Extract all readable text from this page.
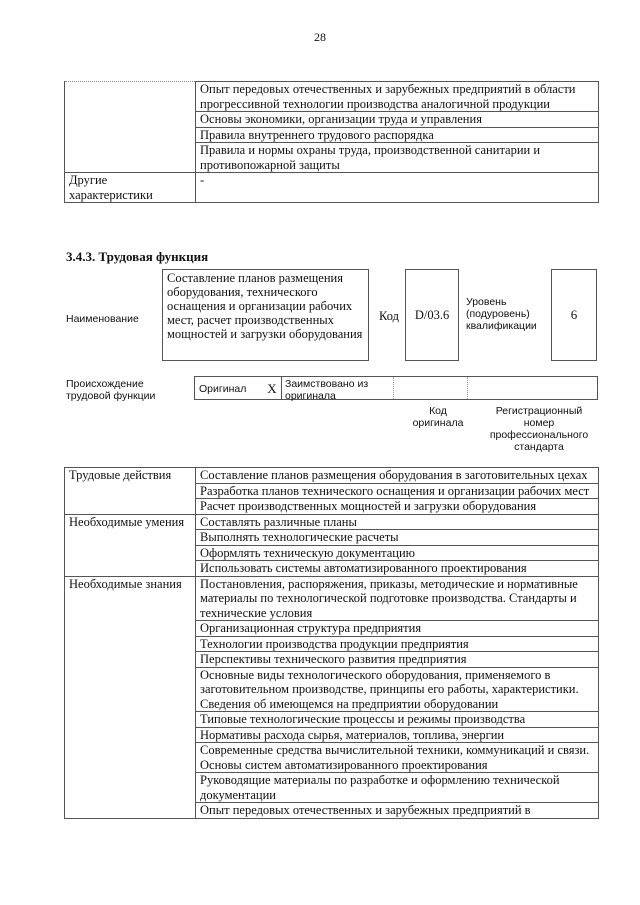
28
	Опыт передовых отечественных и зарубежных предприятий в области прогрессивной технологии производства аналогичной продукции
	Основы экономики, организации труда и управления
	Правила внутреннего трудового распорядка
	Правила и нормы охраны труда, производственной санитарии и противопожарной защиты
Другие характеристики	-
3.4.3. Трудовая функция
Наименование
Составление планов размещения оборудования, технического оснащения и организации рабочих мест, расчет производственных мощностей и загрузки оборудования
Код	D/03.6
Уровень (подуровень) квалификации
6
Происхождение трудовой функции
Оригинал	X Заимствовано из оригинала
Код оригинала
Регистрационный номер профессионального стандарта
Трудовые действия	Составление планов размещения оборудования в заготовительных цехах
	Разработка планов технического оснащения и организации рабочих мест
	Расчет производственных мощностей и загрузки оборудования
Необходимые умения	Составлять различные планы
	Выполнять технологические расчеты
	Оформлять техническую документацию
	Использовать системы автоматизированного проектирования
Необходимые знания	Постановления, распоряжения, приказы, методические и нормативные материалы по технологической подготовке производства. Стандарты и технические условия
	Организационная структура предприятия
	Технологии производства продукции предприятия
	Перспективы технического развития предприятия
	Основные виды технологического оборудования, применяемого в заготовительном производстве, принципы его работы, характеристики. Сведения об имеющемся на предприятии оборудовании
	Типовые технологические процессы и режимы производства
	Нормативы расхода сырья, материалов, топлива, энергии
	Современные средства вычислительной техники, коммуникаций и связи. Основы систем автоматизированного проектирования
	Руководящие материалы по разработке и оформлению технической документации
	Опыт передовых отечественных и зарубежных предприятий в
